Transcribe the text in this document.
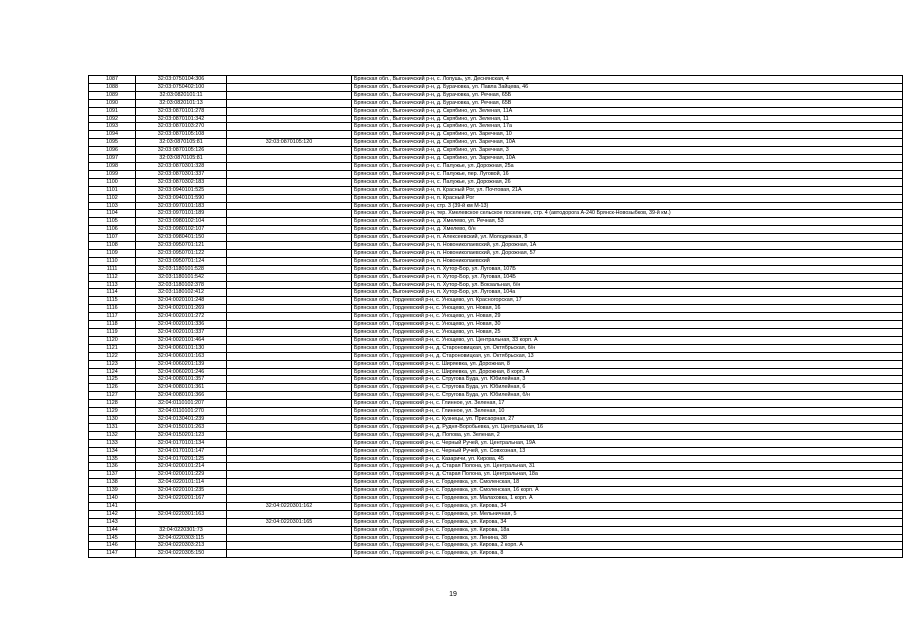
1087	32:03:0750104:306		Брянская обл., Выгоничский р-н, с. Лопушь, ул. Деснянская, 4
1088	32:03:0750402:100		Брянская обл., Выгоничский р-н, д. Бурачовка, ул. Павла Зайцева, 46
1089	32:03:0820101:11		Брянская обл., Выгоничский р-н, д. Бурачовка, ул. Речная, 65Б
1090	32:03:0820101:13		Брянская обл., Выгоничский р-н, д. Бурачовка, ул. Речная, 65В
1091	32:03:0870101:278		Брянская обл., Выгоничский р-н, д. Скрябино, ул. Зеленая, 11А
1092	32:03:0870101:342		Брянская обл., Выгоничский р-н, д. Скрябино, ул. Зеленая, 11
1093	32:03:0870103:270		Брянская обл., Выгоничский р-н, д. Скрябино, ул. Зеленая, 17а
1094	32:03:0870105:108		Брянская обл., Выгоничский р-н, д. Скрябино, ул. Заречная, 10
1095	32:03:0870105:81	32:03:0870105:120	Брянская обл., Выгоничский р-н, д. Скрябино, ул. Заречная, 10А
1096	32:03:0870105:126		Брянская обл., Выгоничский р-н, д. Скрябино, ул. Заречная, 3
1097	32:03:0870105:81		Брянская обл., Выгоничский р-н, д. Скрябино, ул. Заречная, 10А
1098	32:03:0870301:328		Брянская обл., Выгоничский р-н, с. Палужье, ул. Дорожная, 25а
1099	32:03:0870301:337		Брянская обл., Выгоничский р-н, с. Палужье, пер. Луговой, 16
1100	32:03:0870302:183		Брянская обл., Выгоничский р-н, с. Палужье, ул. Дорожная, 26
1101	32:03:0940101:525		Брянская обл., Выгоничский р-н, п. Красный Рог, ул. Почтовая, 21А
1102	32:03:0940101:590		Брянская обл., Выгоничский р-н, п. Красный Рог
1103	32:03:0970101:183		Брянская обл., Выгоничский р-н, стр. 3 (39-й км М-13)
1104	32:03:0970101:189		Брянская обл., Выгоничский р-н, тер. Хмелевское сельское поселение, стр. 4 (автодорога А-240 Брянск-Новозыбков, 39-й км.)
1105	32:03:0980102:104		Брянская обл., Выгоничский р-н, д. Хмелево, ул. Речная, 53
1106	32:03:0980102:107		Брянская обл., Выгоничский р-н, д. Хмелево, б/н
1107	32:03:0980401:150		Брянская обл., Выгоничский р-н, п. Алексеевский, ул. Молодежная, 8
1108	32:03:0950701:121		Брянская обл., Выгоничский р-н, п. Новониколаевский, ул. Дорожная, 1А
1109	32:03:0950701:122		Брянская обл., Выгоничский р-н, п. Новониколаевский, ул. Дорожная, 57
1110	32:03:0950701:124		Брянская обл., Выгоничский р-н, п. Новониколаевский
1111	32:03:1180101:528		Брянская обл., Выгоничский р-н, п. Хутор-Бор, ул. Луговая, 107Б
1112	32:03:1180101:542		Брянская обл., Выгоничский р-н, п. Хутор-Бор, ул. Луговая, 104Б
1113	32:03:1180102:378		Брянская обл., Выгоничский р-н, п. Хутор-Бор, ул. Вокзальная, б/н
1114	32:03:1180102:412		Брянская обл., Выгоничский р-н, п. Хутор-Бор, ул. Луговая, 104а
1115	32:04:0020101:248		Брянская обл., Гордеевский р-н, с. Унощево, ул. Красногорская, 17
1116	32:04:0020101:269		Брянская обл., Гордеевский р-н, с. Унощево, ул. Новая, 16
1117	32:04:0020101:272		Брянская обл., Гордеевский р-н, с. Унощево, ул. Новая, 29
1118	32:04:0020101:336		Брянская обл., Гордеевский р-н, с. Унощево, ул. Новая, 30
1119	32:04:0020101:337		Брянская обл., Гордеевский р-н, с. Унощево, ул. Новая, 25
1120	32:04:0020101:464		Брянская обл., Гордеевский р-н, с. Унощево, ул. Центральная, 33 корп. А
1121	32:04:0060101:130		Брянская обл., Гордеевский р-н, д. Староновицкая, ул. Октябрьская, б/н
1122	32:04:0060101:163		Брянская обл., Гордеевский р-н, д. Староновицкая, ул. Октябрьская, 13
1123	32:04:0060201:139		Брянская обл., Гордеевский р-н, с. Ширяевка, ул. Дорожная, 8
1124	32:04:0060201:246		Брянская обл., Гордеевский р-н, с. Ширяевка, ул. Дорожная, 8 корп. А
1125	32:04:0080101:357		Брянская обл., Гордеевский р-н, с. Струговa Буда, ул. Юбилейная, 3
1126	32:04:0080101:361		Брянская обл., Гордеевский р-н, с. Струговa Буда, ул. Юбилейная, 6
1127	32:04:0080101:366		Брянская обл., Гордеевский р-н, с. Струговa Буда, ул. Юбилейная, б/н
1128	32:04:0110101:207		Брянская обл., Гордеевский р-н, с. Глинное, ул. Зеленая, 17
1129	32:04:0110101:270		Брянская обл., Гордеевский р-н, с. Глинное, ул. Зеленая, 10
1130	32:04:0130401:239		Брянская обл., Гордеевский р-н, с. Кузнецы, ул. Присаорная, 27
1131	32:04:0150101:263		Брянская обл., Гордеевский р-н, д. Рудня-Воробьевка, ул. Центральная, 16
1132	32:04:0150201:123		Брянская обл., Гордеевский р-н, д. Попова, ул. Зеленая, 2
1133	32:04:0170101:134		Брянская обл., Гордеевский р-н, с. Черный Ручей, ул. Центральная, 19А
1134	32:04:0170101:147		Брянская обл., Гордеевский р-н, с. Черный Ручей, ул. Совхозная, 13
1135	32:04:0170201:125		Брянская обл., Гордеевский р-н, с. Казаричи, ул. Кирова, 45
1136	32:04:0200101:214		Брянская обл., Гордеевский р-н, д. Старая Полона, ул. Центральная, 31
1137	32:04:0200101:229		Брянская обл., Гордеевский р-н, д. Старая Полона, ул. Центральная, 18а
1138	32:04:0220101:114		Брянская обл., Гордеевский р-н, с. Гордеевка, ул. Смоленская, 18
1139	32:04:0220101:235		Брянская обл., Гордеевский р-н, с. Гордеевка, ул. Смоленская, 16 корп. А
1140	32:04:0220201:167		Брянская обл., Гордеевский р-н, с. Гордеевка, ул. Малаховка, 1 корп. А
1141		32:04:0220301:162	Брянская обл., Гордеевский р-н, с. Гордеевка, ул. Кирова, 34
1142	32:04:0220301:163		Брянская обл., Гордеевский р-н, с. Гордеевка, ул. Мельничная, 5
1143		32:04:0220301:165	Брянская обл., Гордеевский р-н, с. Гордеевка, ул. Кирова, 34
1144	32:04:0220301:73		Брянская обл., Гордеевский р-н, с. Гордеевка, ул. Кирова, 18а
1145	32:04:0220303:115		Брянская обл., Гордеевский р-н, с. Гордеевка, ул. Ленина, 38
1146	32:04:0220303:213		Брянская обл., Гордеевский р-н, с. Гордеевка, ул. Кирова, 2 корп. А
1147	32:04:0220305:150		Брянская обл., Гордеевский р-н, с. Гордеевка, ул. Кирова, 8
19
